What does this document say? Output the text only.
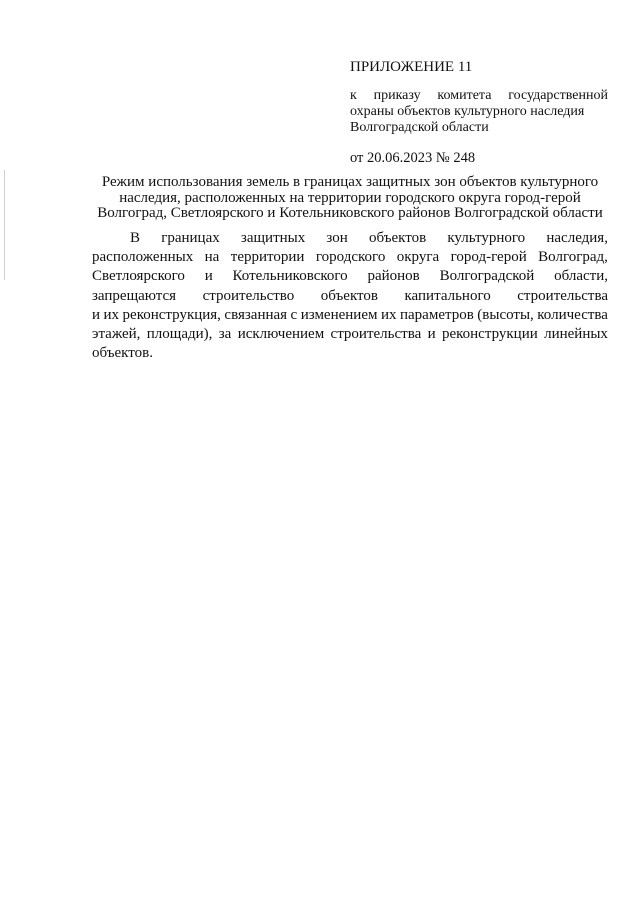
ПРИЛОЖЕНИЕ 11

к приказу комитета государственной
охраны объектов культурного наследия
Волгоградской области

от 20.06.2023 № 248

Режим использования земель в границах защитных зон объектов культурного
наследия, расположенных на территории городского округа город-герой
Волгоград, Светлоярского и Котельниковского районов Волгоградской области

В границах защитных зон объектов культурного наследия,
расположенных на территории городского округа город-герой Волгоград,
Светлоярского и Котельниковского районов Волгоградской области,
запрещаются строительство объектов капитального строительства
и их реконструкция, связанная с изменением их параметров (высоты, количества
этажей, площади), за исключением строительства и реконструкции линейных
объектов.
